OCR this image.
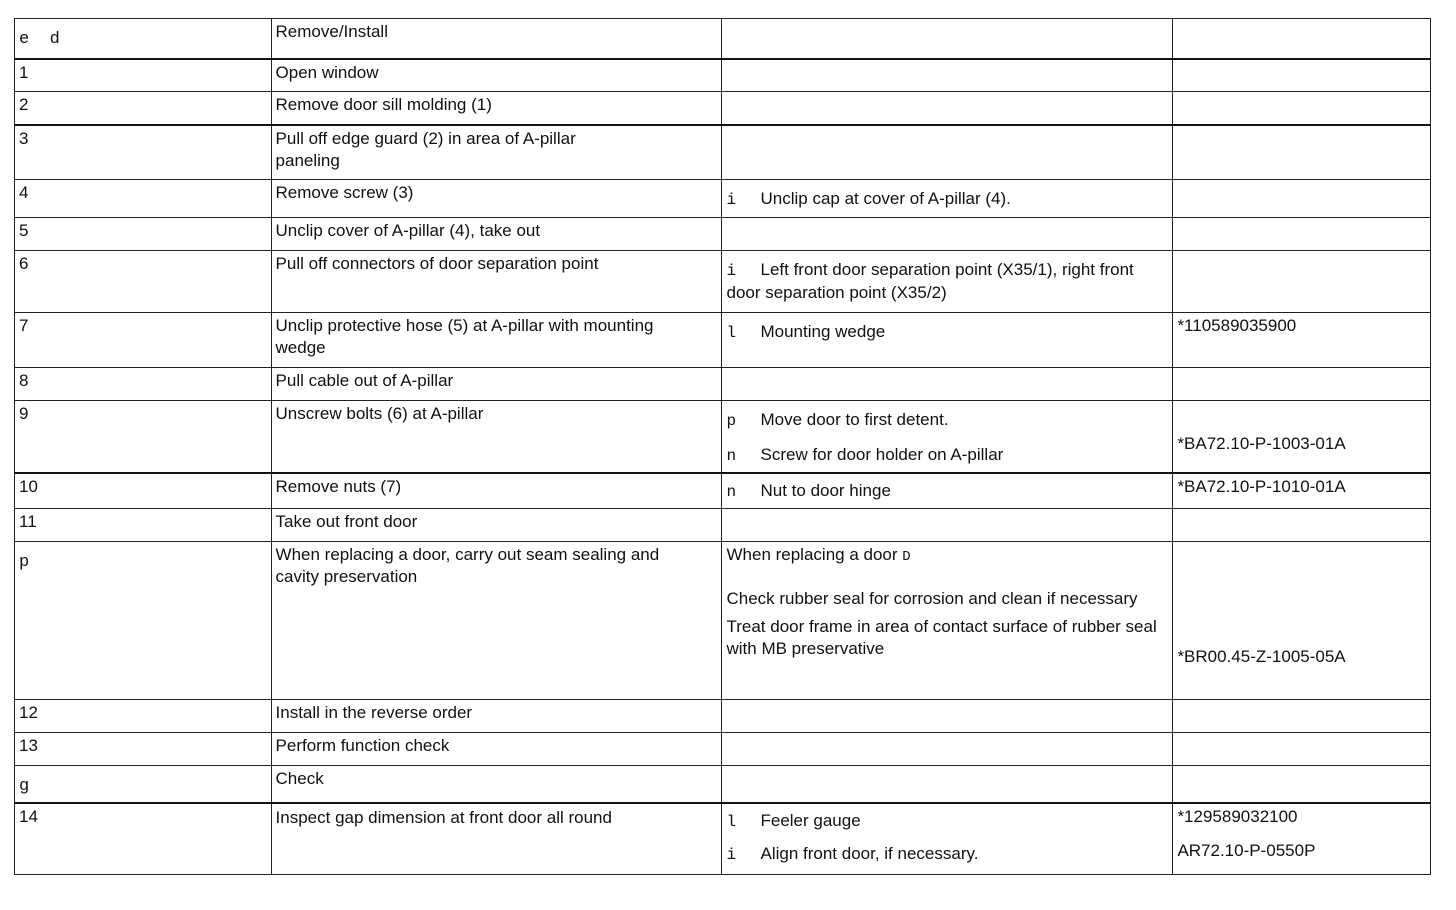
e  d	Remove/Install		
1	Open window		
2	Remove door sill molding (1)		
3	Pull off edge guard (2) in area of A-pillar paneling		
4	Remove screw (3)	i Unclip cap at cover of A-pillar (4).	

5	Unclip cover of A-pillar (4), take out		
6	Pull off connectors of door separation point	i Left front door separation point (X35/1), right front door separation point (X35/2)	

7	Unclip protective hose (5) at A-pillar with mounting wedge	l Mounting wedge	*110589035900
8	Pull cable out of A-pillar		
9	Unscrew bolts (6) at A-pillar	p Move door to first detent.
n Screw for door holder on A-pillar	*BA72.10-P-1003-01A
10	Remove nuts (7)	n Nut to door hinge	*BA72.10-P-1010-01A
11	Take out front door		
p	When replacing a door, carry out seam sealing and cavity preservation	When replacing a door D
Check rubber seal for corrosion and clean if necessary
Treat door frame in area of contact surface of rubber seal with MB preservative	*BR00.45-Z-1005-05A
12	Install in the reverse order		
13	Perform function check		
g	Check		
14	Inspect gap dimension at front door all round	l Feeler gauge
i Align front door, if necessary.	*129589032100
AR72.10-P-0550P
